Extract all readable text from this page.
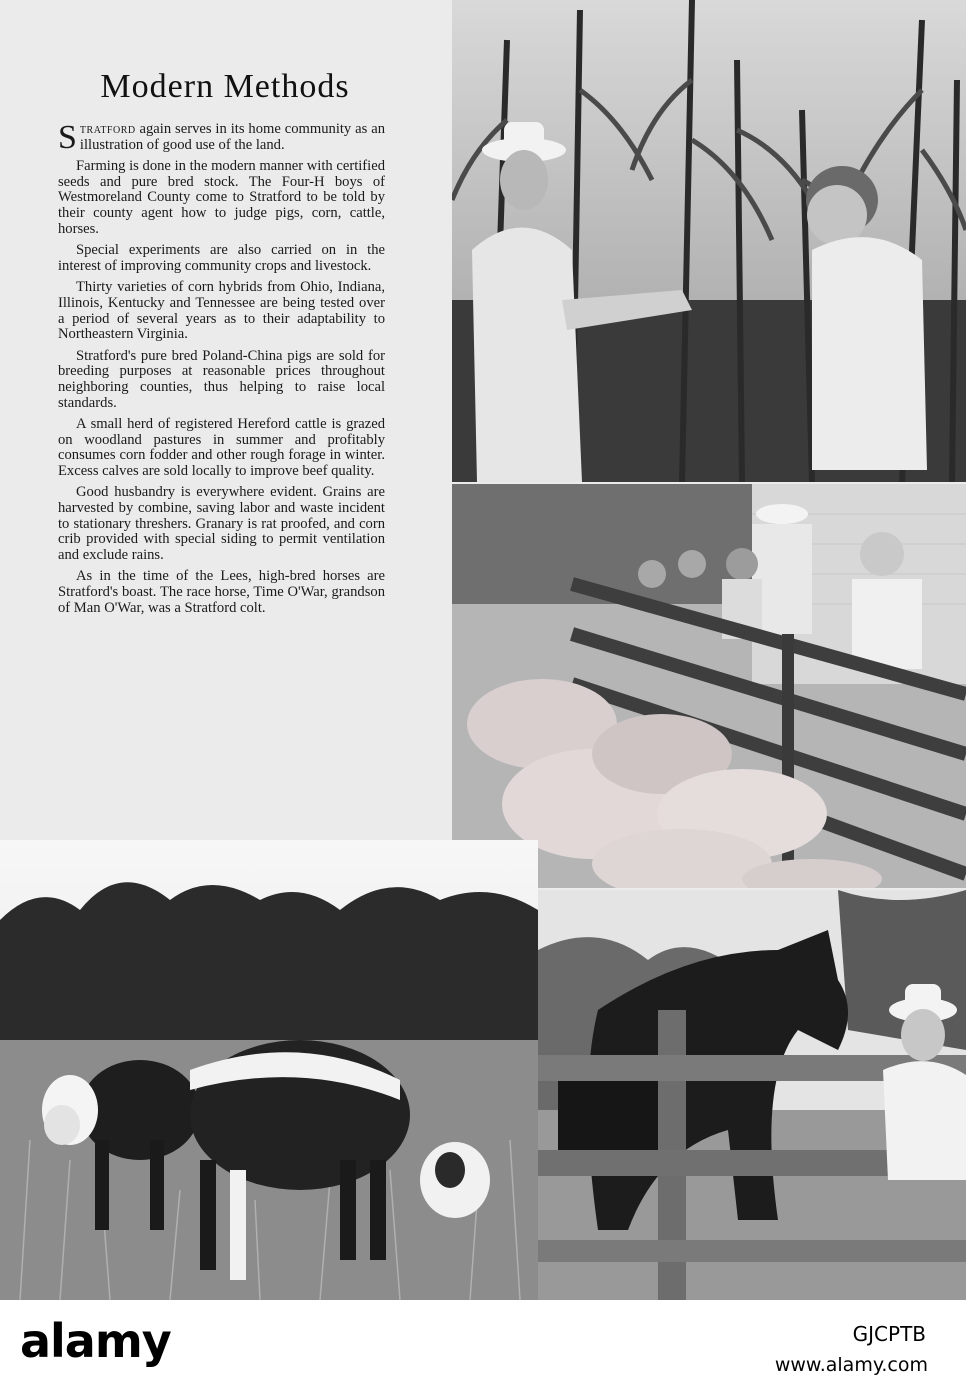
Modern Methods

Stratford again serves in its home community as an illustration of good use of the land.

Farming is done in the modern manner with certified seeds and pure bred stock. The Four-H boys of Westmoreland County come to Stratford to be told by their county agent how to judge pigs, corn, cattle, horses.

Special experiments are also carried on in the interest of improving community crops and livestock.

Thirty varieties of corn hybrids from Ohio, Indiana, Illinois, Kentucky and Tennessee are being tested over a period of several years as to their adaptability to Northeastern Virginia.

Stratford's pure bred Poland-China pigs are sold for breeding purposes at reasonable prices throughout neighboring counties, thus helping to raise local standards.

A small herd of registered Hereford cattle is grazed on woodland pastures in summer and profitably consumes corn fodder and other rough forage in winter. Excess calves are sold locally to improve beef quality.

Good husbandry is everywhere evident. Grains are harvested by combine, saving labor and waste incident to stationary threshers. Granary is rat proofed, and corn crib provided with special siding to permit ventilation and exclude rains.

As in the time of the Lees, high-bred horses are Stratford's boast. The race horse, Time O'War, grandson of Man O'War, was a Stratford colt.

alamy	GJCPTB
www.alamy.com
